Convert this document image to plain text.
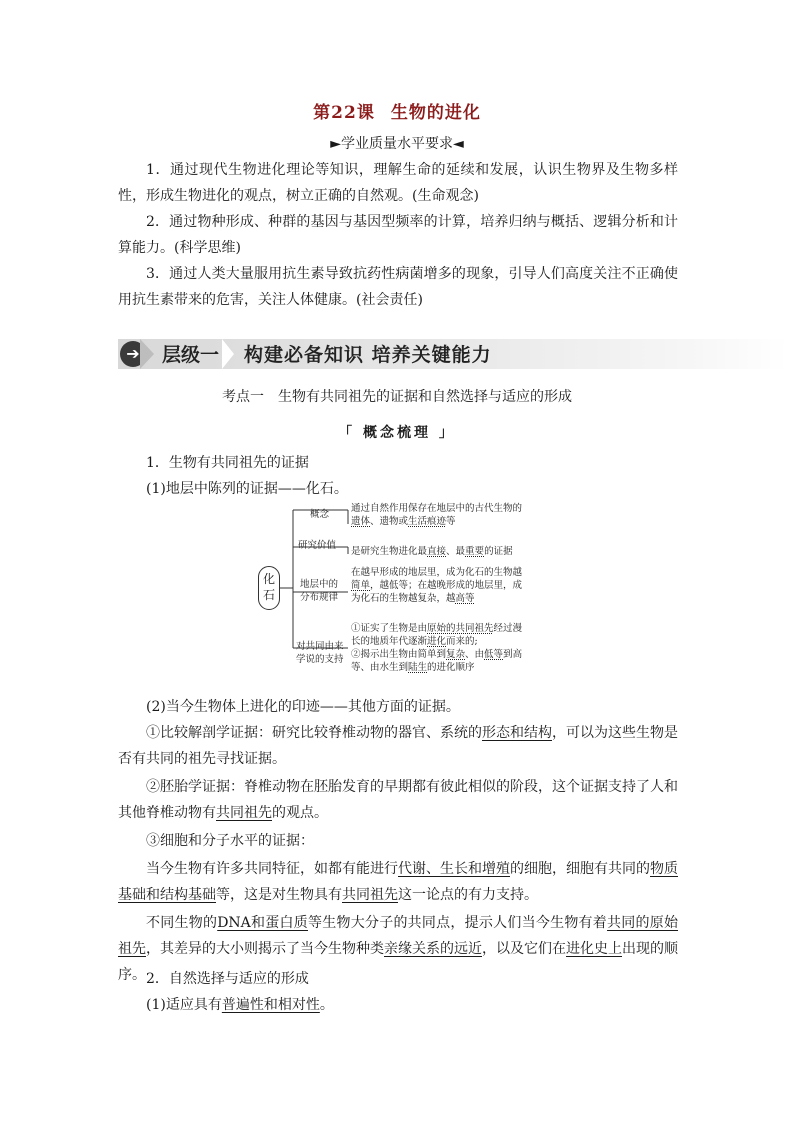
第22课 生物的进化
►学业质量水平要求◄

1．通过现代生物进化理论等知识，理解生命的延续和发展，认识生物界及生物多样性，形成生物进化的观点，树立正确的自然观。(生命观念)

2．通过物种形成、种群的基因与基因型频率的计算，培养归纳与概括、逻辑分析和计算能力。(科学思维)

3．通过人类大量服用抗生素导致抗药性病菌增多的现象，引导人们高度关注不正确使用抗生素带来的危害，关注人体健康。(社会责任)

➔	层级一 构建必备知识 培养关键能力

考点一　生物有共同祖先的证据和自然选择与适应的形成

「 概念梳理 」

1．生物有共同祖先的证据

(1)地层中陈列的证据——化石。

化石
概念
通过自然作用保存在地层中的古代生物的
遗体、遗物或生活痕迹等
研究价值
是研究生物进化最直接、最重要的证据
地层中的
分布规律
在越早形成的地层里，成为化石的生物越
简单，越低等；在越晚形成的地层里，成
为化石的生物越复杂，越高等
对共同由来
学说的支持
①证实了生物是由原始的共同祖先经过漫
长的地质年代逐渐进化而来的;
②揭示出生物由简单到复杂、由低等到高
等、由水生到陆生的进化顺序

(2)当今生物体上进化的印迹——其他方面的证据。

①比较解剖学证据：研究比较脊椎动物的器官、系统的形态和结构，可以为这些生物是否有共同的祖先寻找证据。

②胚胎学证据：脊椎动物在胚胎发育的早期都有彼此相似的阶段，这个证据支持了人和其他脊椎动物有共同祖先的观点。

③细胞和分子水平的证据：

当今生物有许多共同特征，如都有能进行代谢、生长和增殖的细胞，细胞有共同的物质基础和结构基础等，这是对生物具有共同祖先这一论点的有力支持。

不同生物的DNA和蛋白质等生物大分子的共同点，提示人们当今生物有着共同的原始祖先，其差异的大小则揭示了当今生物种类亲缘关系的远近，以及它们在进化史上出现的顺序。 2．自然选择与适应的形成

(1)适应具有普遍性和相对性。
